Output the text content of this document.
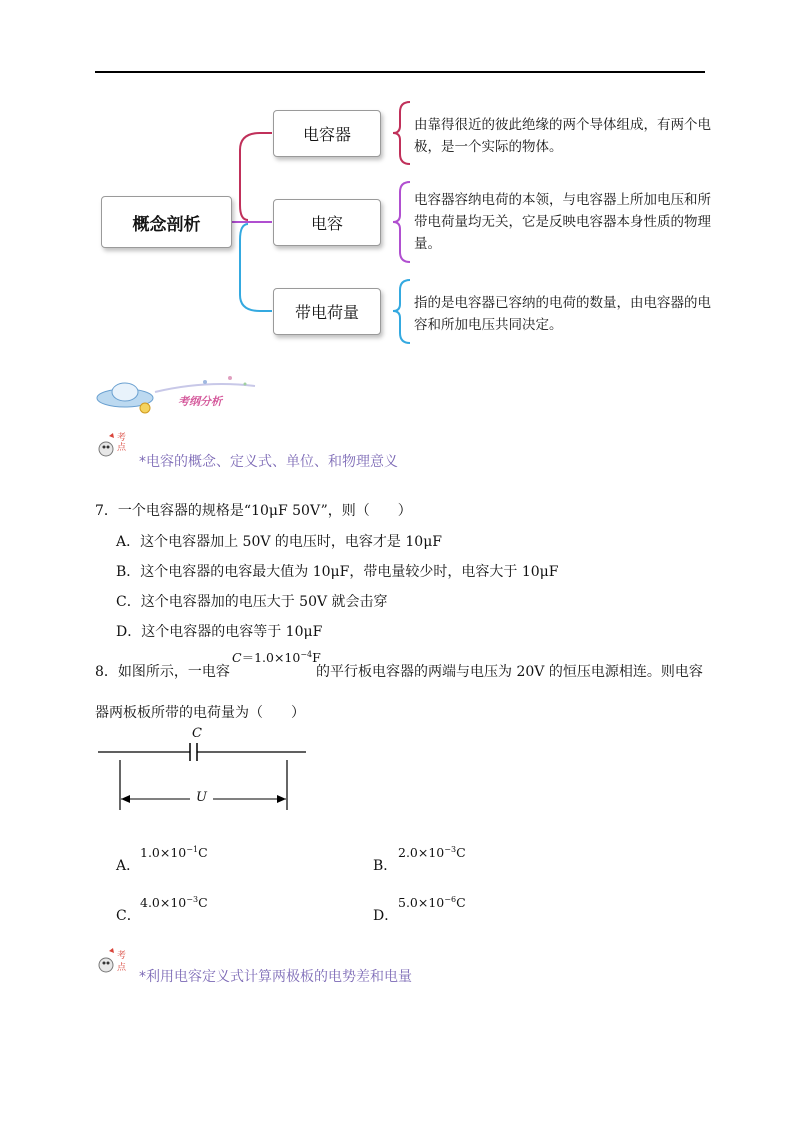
概念剖析
电容器
电容
带电荷量
由靠得很近的彼此绝缘的两个导体组成，有两个电极，是一个实际的物体。
电容器容纳电荷的本领，与电容器上所加电压和所带电荷量均无关，它是反映电容器本身性质的物理量。
指的是电容器已容纳的电荷的数量，由电容器的电容和所加电压共同决定。
考纲分析
考点
*电容的概念、定义式、单位、和物理意义
7．一个电容器的规格是“10μF 50V”，则（　　）
A．这个电容器加上 50V 的电压时，电容才是 10μF
B．这个电容器的电容最大值为 10μF，带电量较少时，电容大于 10μF
C．这个电容器加的电压大于 50V 就会击穿
D．这个电容器的电容等于 10μF
8．如图所示，一电容
$C=1.0\times 10^{-4}F$
的平行板电容器的两端与电压为 20V 的恒压电源相连。则电容
器两板板所带的电荷量为（　　）
C
U
A．
$1.0\times 10^{-1}C$
B．
$2.0\times 10^{-3}C$
C．
$4.0\times 10^{-3}C$
D．
$5.0\times 10^{-6}C$
考点
*利用电容定义式计算两极板的电势差和电量
